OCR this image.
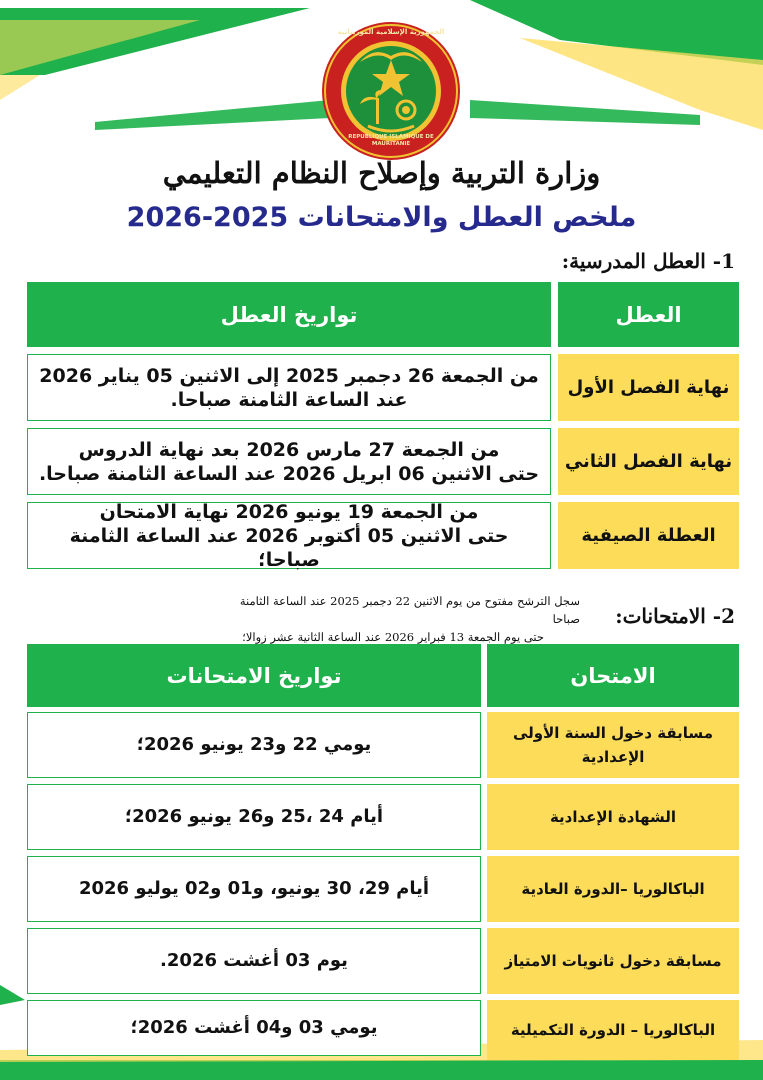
الجمهورية الإسلامية الموريتانية
REPUBLIQUE ISLAMIQUE DE MAURITANIE
وزارة التربية وإصلاح النظام التعليمي
ملخص العطل والامتحانات 2025-2026
1- العطل المدرسية:
العطل
تواريخ العطل
نهاية الفصل الأول
من الجمعة 26 دجمبر 2025 إلى الاثنين 05 يناير 2026
عند الساعة الثامنة صباحا.
نهاية الفصل الثاني
من الجمعة 27 مارس 2026 بعد نهاية الدروس
حتى الاثنين 06 ابريل 2026 عند الساعة الثامنة صباحا.
العطلة الصيفية
من الجمعة 19 يونيو 2026 نهاية الامتحان
حتى الاثنين 05 أكتوبر 2026 عند الساعة الثامنة صباحا؛
2- الامتحانات:
سجل الترشح مفتوح من يوم الاثنين 22 دجمبر 2025 عند الساعة الثامنة صباحا
حتى يوم الجمعة 13 فبراير 2026 عند الساعة الثانية عشر زوالا؛
الامتحان
تواريخ الامتحانات
مسابقة دخول السنة الأولى الإعدادية
يومي 22 و23 يونيو 2026؛
الشهادة الإعدادية
أيام 24 ،25 و26 يونيو 2026؛
الباكالوريا –الدورة العادية
أيام 29، 30 يونيو، و01 و02 يوليو 2026
مسابقة دخول ثانويات الامتياز
يوم 03 أغشت 2026.
الباكالوريا – الدورة التكميلية
يومي 03 و04 أغشت 2026؛
